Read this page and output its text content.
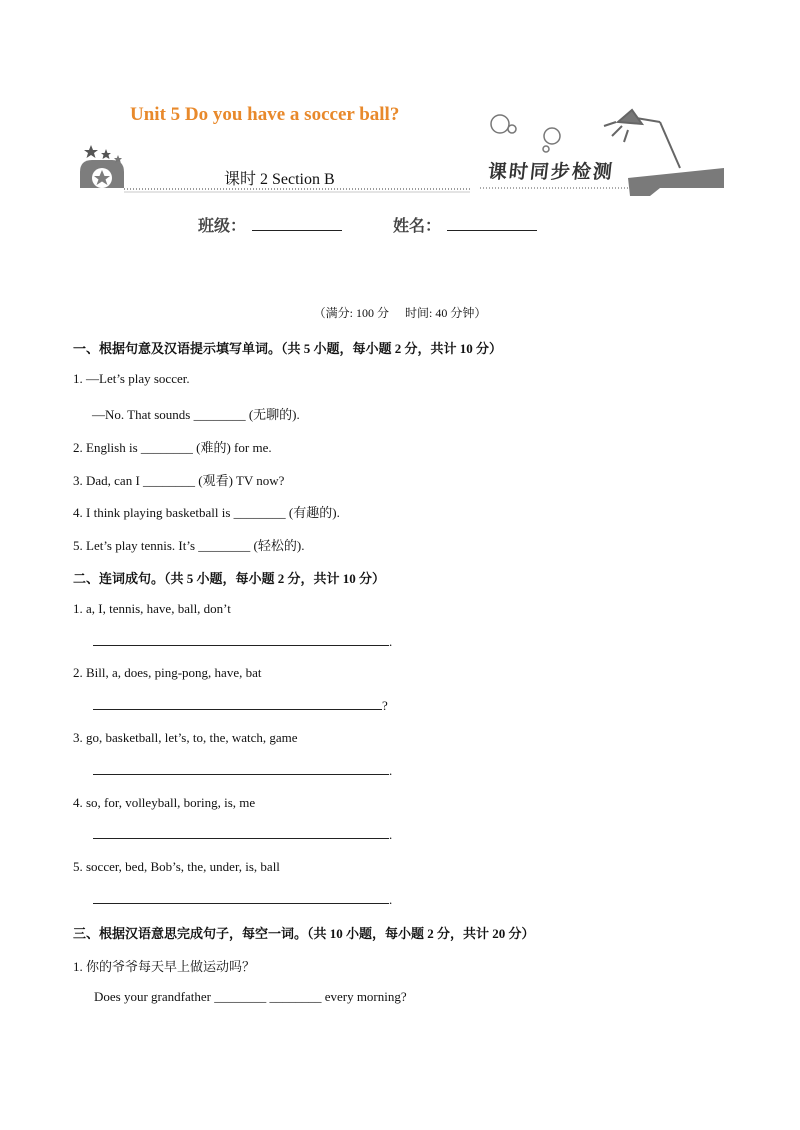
Unit 5 Do you have a soccer ball?
课时 2 Section B	课时同步检测
班级：	姓名：
（满分: 100 分 时间: 40 分钟）
一、根据句意及汉语提示填写单词。（共 5 小题，每小题 2 分，共计 10 分）
1. —Let’s play soccer.
—No. That sounds ________ (无聊的).
2. English is ________ (难的) for me.
3. Dad, can I ________ (观看) TV now?
4. I think playing basketball is ________ (有趣的).
5. Let’s play tennis. It’s ________ (轻松的).
二、连词成句。（共 5 小题，每小题 2 分，共计 10 分）
1. a, I, tennis, have, ball, don’t
.
2. Bill, a, does, ping-pong, have, bat
?
3. go, basketball, let’s, to, the, watch, game
.
4. so, for, volleyball, boring, is, me
.
5. soccer, bed, Bob’s, the, under, is, ball
.
三、根据汉语意思完成句子，每空一词。（共 10 小题，每小题 2 分，共计 20 分）
1. 你的爷爷每天早上做运动吗？
Does your grandfather ________ ________ every morning?
